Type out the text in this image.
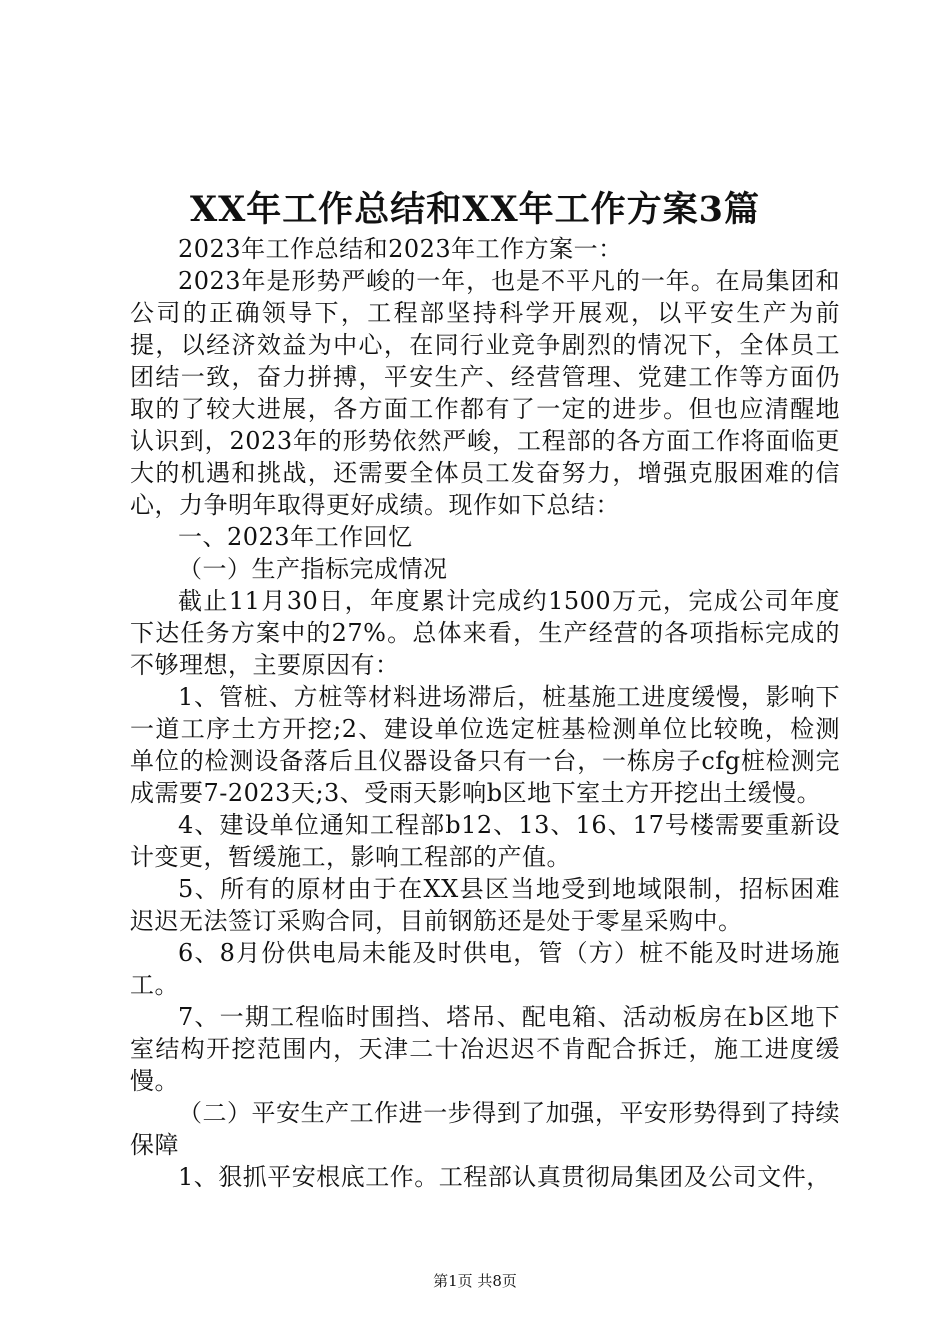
XX年工作总结和XX年工作方案3篇

2023年工作总结和2023年工作方案一：

2023年是形势严峻的一年，也是不平凡的一年。在局集团和公司的正确领导下，工程部坚持科学开展观，以平安生产为前提，以经济效益为中心，在同行业竞争剧烈的情况下，全体员工团结一致，奋力拼搏，平安生产、经营管理、党建工作等方面仍取的了较大进展，各方面工作都有了一定的进步。但也应清醒地认识到，2023年的形势依然严峻，工程部的各方面工作将面临更大的机遇和挑战，还需要全体员工发奋努力，增强克服困难的信心，力争明年取得更好成绩。现作如下总结：

一、2023年工作回忆

（一）生产指标完成情况

截止11月30日，年度累计完成约1500万元，完成公司年度下达任务方案中的27%。总体来看，生产经营的各项指标完成的不够理想，主要原因有：

1、管桩、方桩等材料进场滞后，桩基施工进度缓慢，影响下一道工序土方开挖;2、建设单位选定桩基检测单位比较晚，检测单位的检测设备落后且仪器设备只有一台，一栋房子cfg桩检测完成需要7-2023天;3、受雨天影响b区地下室土方开挖出土缓慢。

4、建设单位通知工程部b12、13、16、17号楼需要重新设计变更，暂缓施工，影响工程部的产值。

5、所有的原材由于在XX县区当地受到地域限制，招标困难迟迟无法签订采购合同，目前钢筋还是处于零星采购中。

6、8月份供电局未能及时供电，管（方）桩不能及时进场施工。

7、一期工程临时围挡、塔吊、配电箱、活动板房在b区地下室结构开挖范围内，天津二十冶迟迟不肯配合拆迁，施工进度缓慢。

（二）平安生产工作进一步得到了加强，平安形势得到了持续保障

1、狠抓平安根底工作。工程部认真贯彻局集团及公司文件，

第1页 共8页
